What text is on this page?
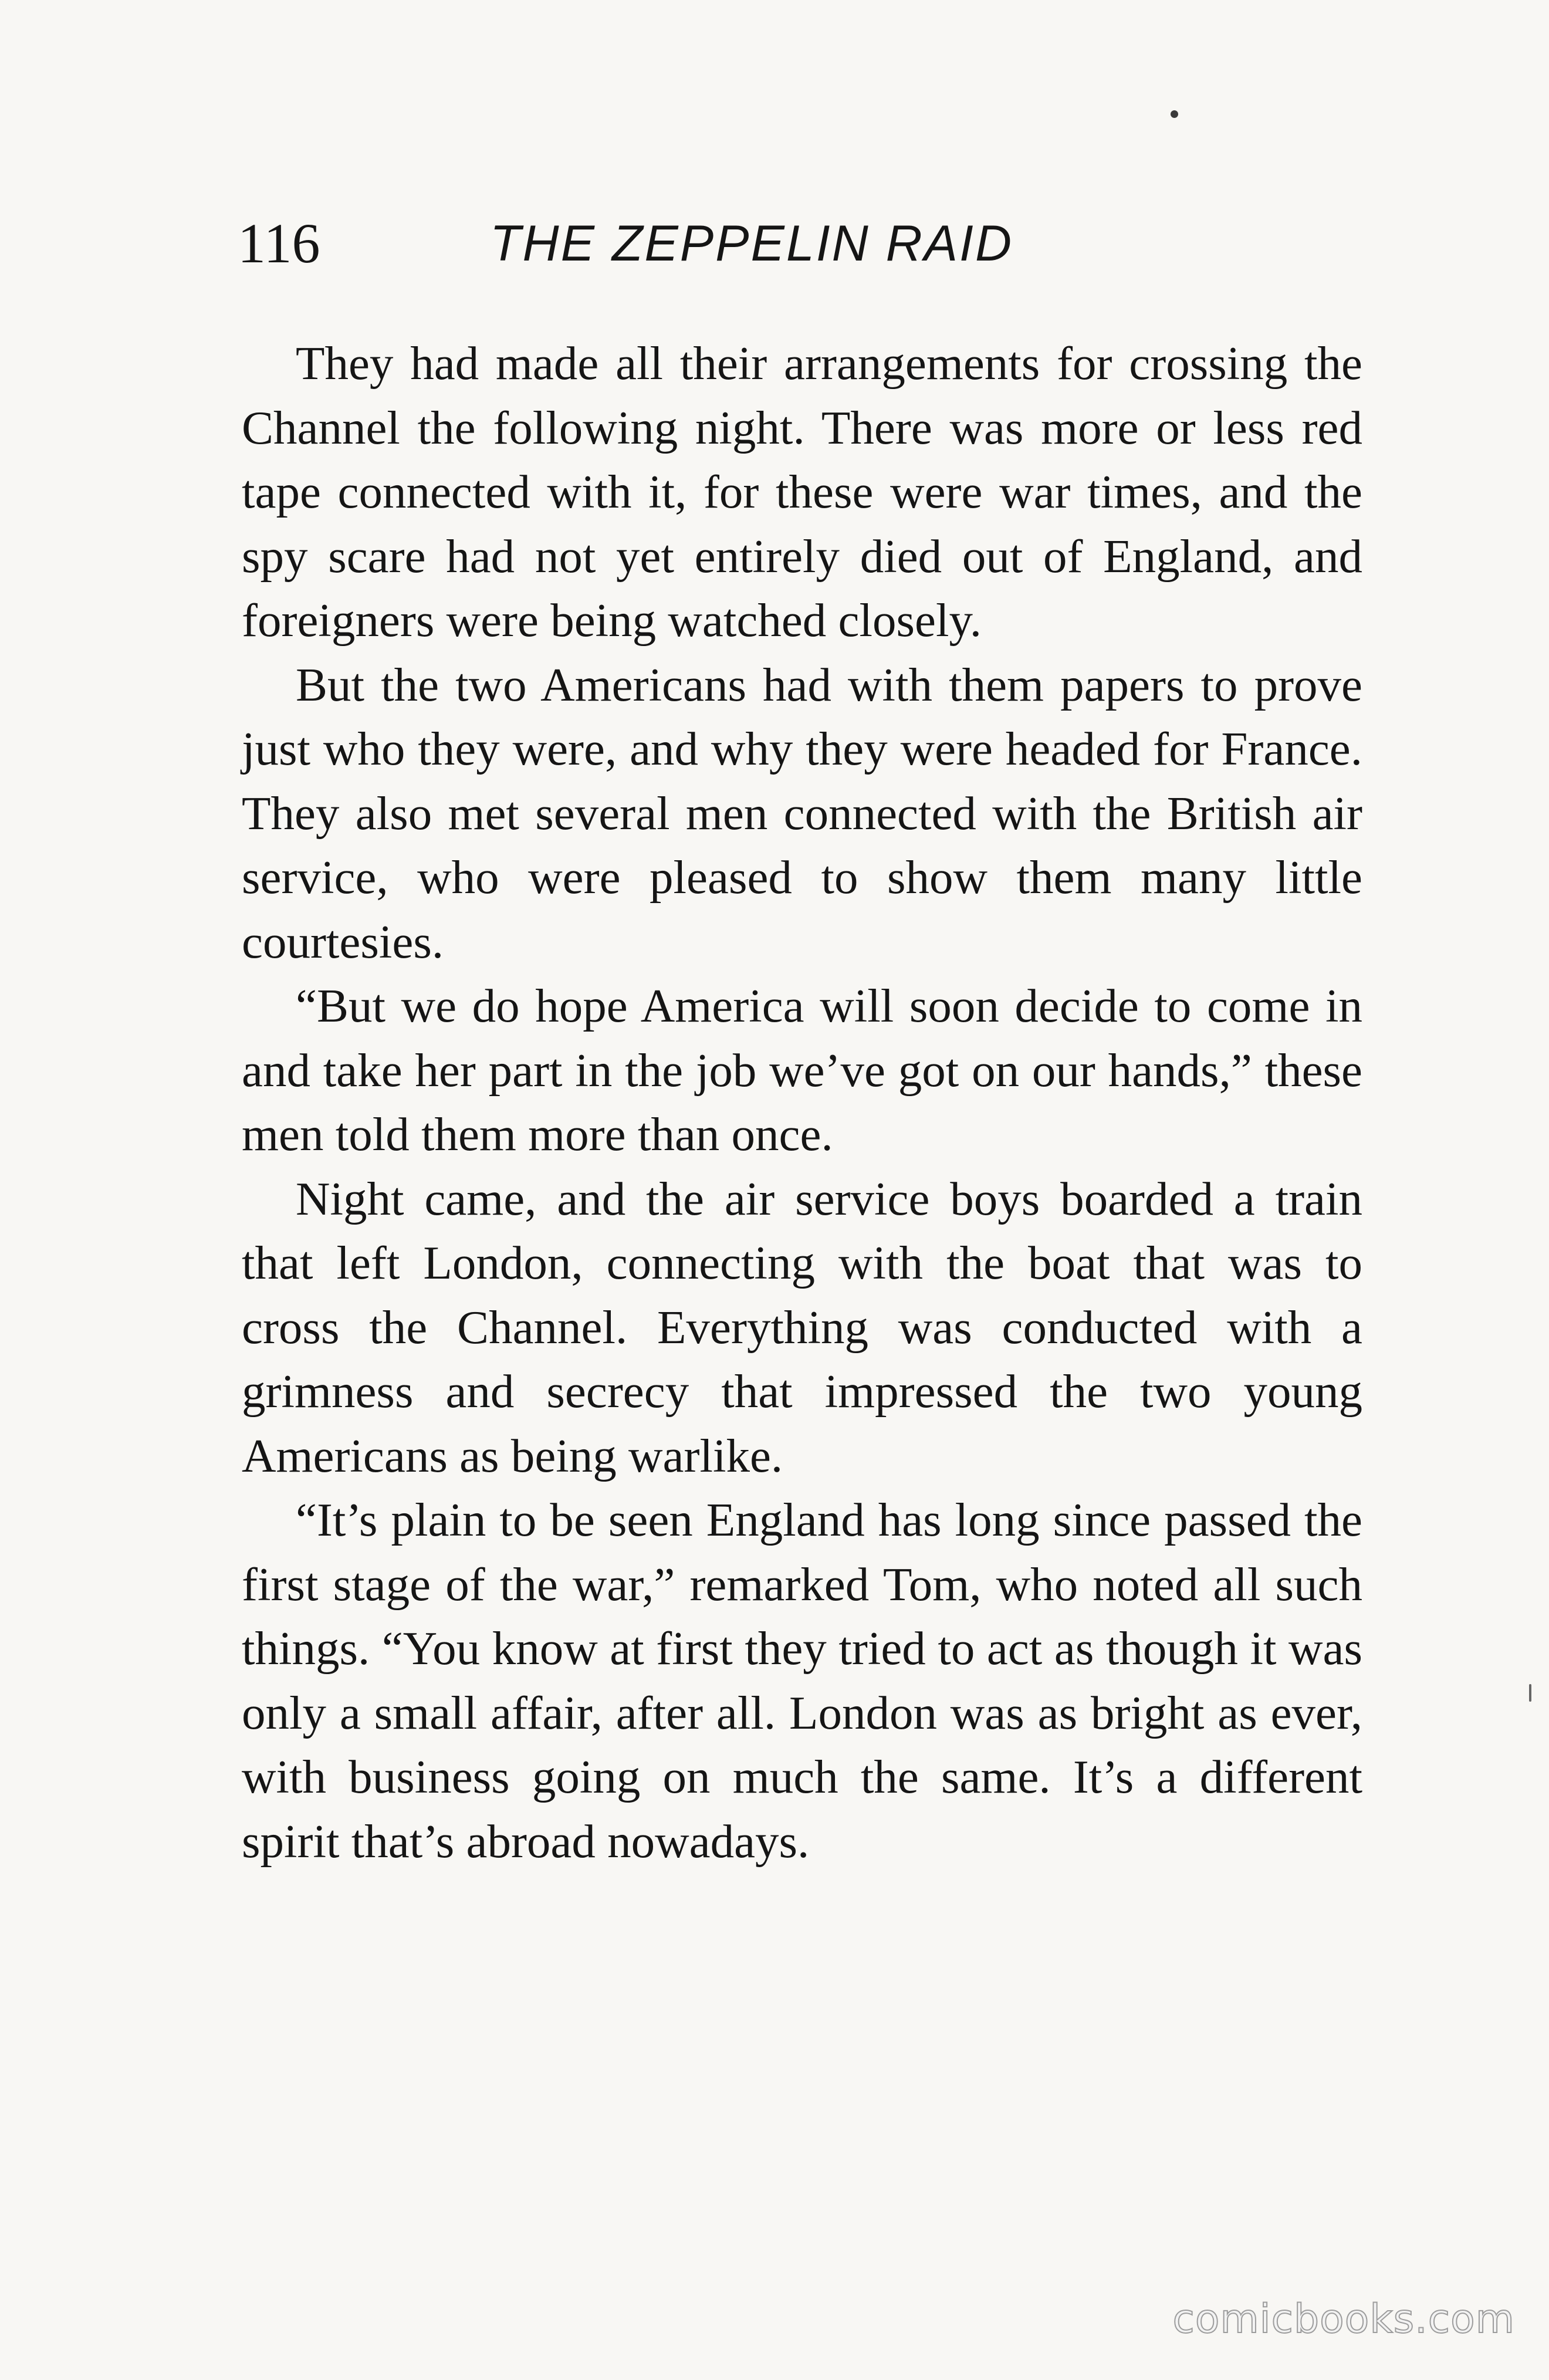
116	THE ZEPPELIN RAID

They had made all their arrangements for crossing the Channel the following night. There was more or less red tape connected with it, for these were war times, and the spy scare had not yet entirely died out of England, and foreigners were being watched closely.

But the two Americans had with them papers to prove just who they were, and why they were headed for France. They also met several men connected with the British air service, who were pleased to show them many little courtesies.

“But we do hope America will soon decide to come in and take her part in the job we’ve got on our hands,” these men told them more than once.

Night came, and the air service boys boarded a train that left London, connecting with the boat that was to cross the Channel. Everything was conducted with a grimness and secrecy that impressed the two young Americans as being warlike.

“It’s plain to be seen England has long since passed the first stage of the war,” remarked Tom, who noted all such things. “You know at first they tried to act as though it was only a small affair, after all. London was as bright as ever, with business going on much the same. It’s a different spirit that’s abroad nowadays.

comicbooks.com
